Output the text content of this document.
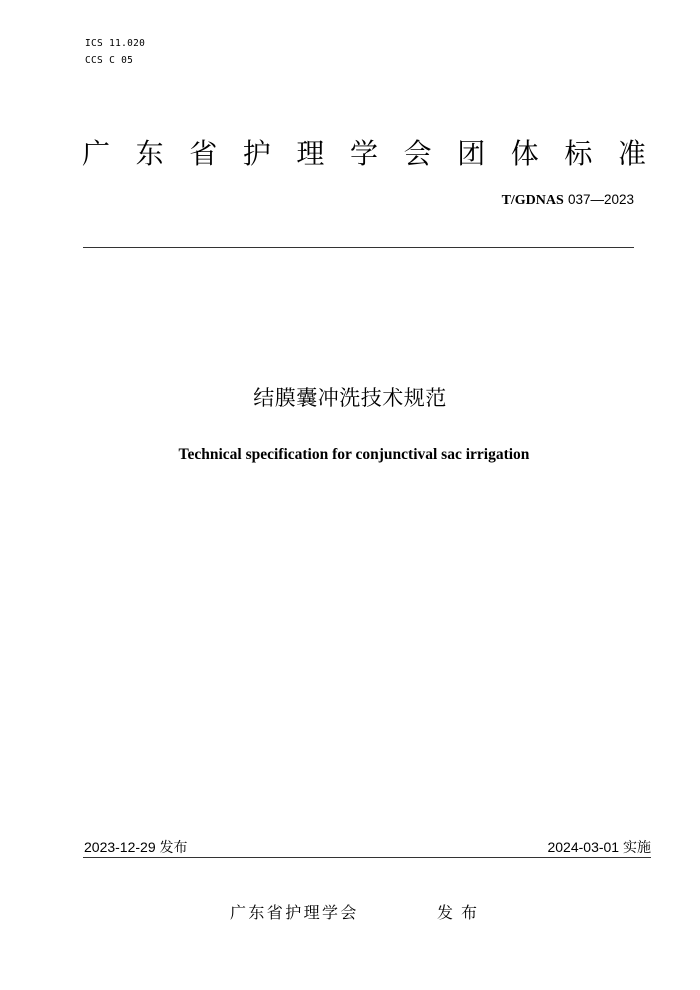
ICS 11.020
CCS C 05
广东省护理学会团体标准
T/GDNAS 037—2023
结膜囊冲洗技术规范
Technical specification for conjunctival sac irrigation
2023-12-29 发布	2024-03-01 实施
广东省护理学会	发布
